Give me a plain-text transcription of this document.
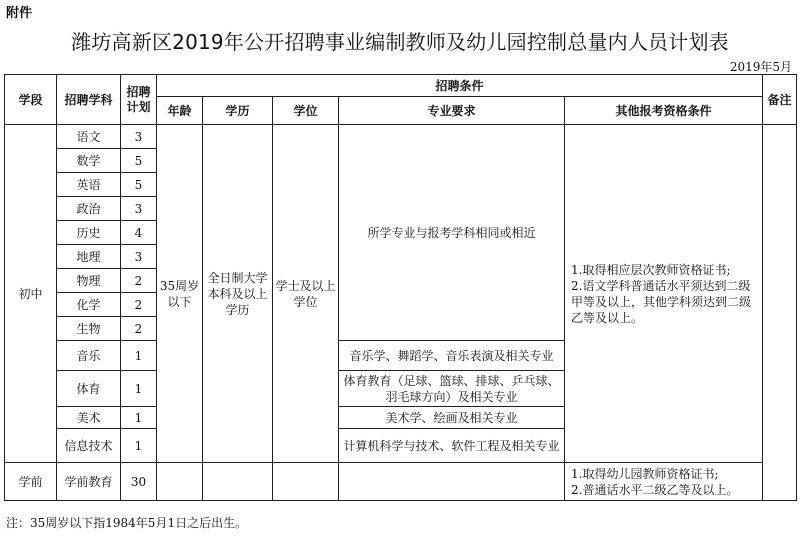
附件
潍坊高新区2019年公开招聘事业编制教师及幼儿园控制总量内人员计划表
2019年5月
学段	招聘学科	招聘计划	招聘条件					备注
			年龄	学历	学位	专业要求	其他报考资格条件	
初中	语文	3	35周岁以下	全日制大学本科及以上学历	学士及以上学位	所学专业与报考学科相同或相近	1.取得相应层次教师资格证书;
2.语文学科普通话水平须达到二级甲等及以上，其他学科须达到二级乙等及以上。	
	数学	5						
	英语	5						
	政治	3						
	历史	4						
	地理	3						
	物理	2						
	化学	2						
	生物	2						
	音乐	1				音乐学、舞蹈学、音乐表演及相关专业		
	体育	1				体育教育（足球、篮球、排球、乒乓球、羽毛球方向）及相关专业		
	美术	1				美术学、绘画及相关专业		
	信息技术	1				计算机科学与技术、软件工程及相关专业		
学前	学前教育	30					1.取得幼儿园教师资格证书;
2.普通话水平二级乙等及以上。	
注：35周岁以下指1984年5月1日之后出生。
